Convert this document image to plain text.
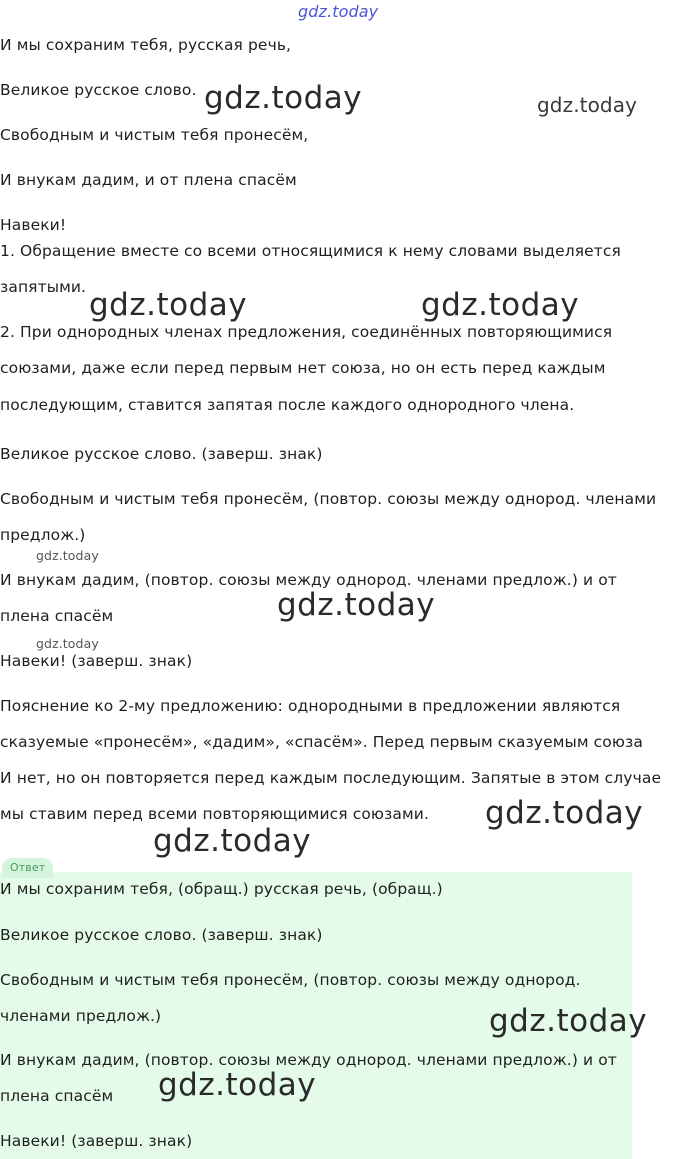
Ответ
И мы сохраним тебя, русская речь,
Великое русское слово.
Свободным и чистым тебя пронесём,
И внукам дадим, и от плена спасём
Навеки!
1. Обращение вместе со всеми относящимися к нему словами выделяется
запятыми.
2. При однородных членах предложения, соединённых повторяющимися
союзами, даже если перед первым нет союза, но он есть перед каждым
последующим, ставится запятая после каждого однородного члена.
Великое русское слово. (заверш. знак)
Свободным и чистым тебя пронесём, (повтор. союзы между однород. членами
предлож.)
И внукам дадим, (повтор. союзы между однород. членами предлож.) и от
плена спасём
Навеки! (заверш. знак)
Пояснение ко 2-му предложению: однородными в предложении являются
сказуемые «пронесём», «дадим», «спасём». Перед первым сказуемым союза
И нет, но он повторяется перед каждым последующим. Запятые в этом случае
мы ставим перед всеми повторяющимися союзами.
И мы сохраним тебя, (обращ.) русская речь, (обращ.)
Великое русское слово. (заверш. знак)
Свободным и чистым тебя пронесём, (повтор. союзы между однород.
членами предлож.)
И внукам дадим, (повтор. союзы между однород. членами предлож.) и от
плена спасём
Навеки! (заверш. знак)
gdz.today
gdz.today	gdz.today
gdz.today	gdz.today
gdz.today
gdz.today
gdz.today
gdz.today
gdz.today
gdz.today
gdz.today
